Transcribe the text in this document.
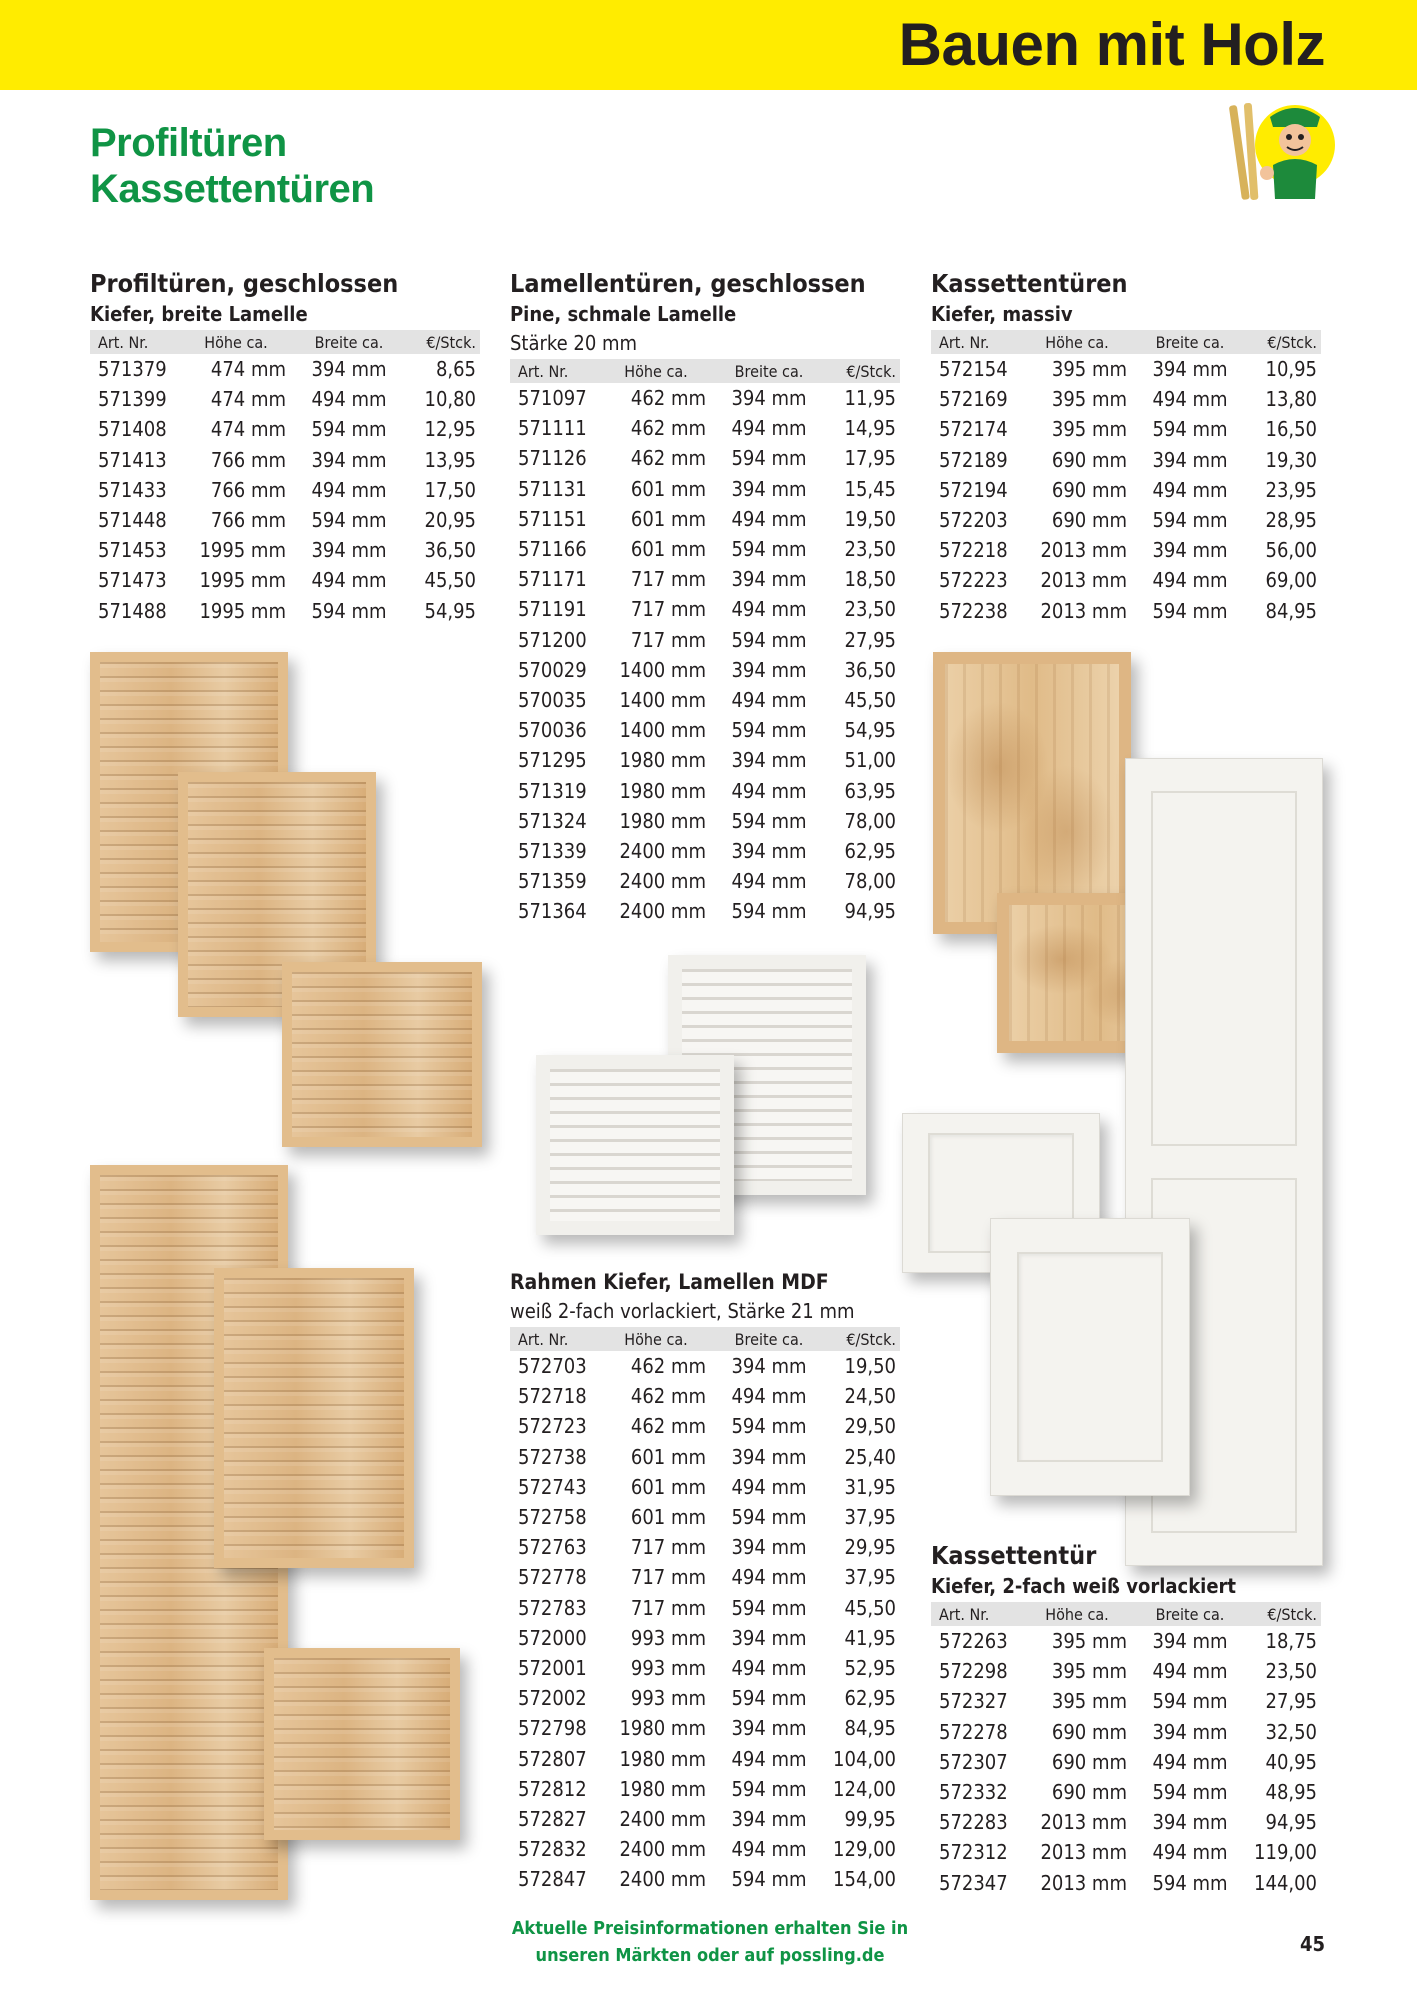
Bauen mit Holz
Profiltüren
Kassettentüren
Profiltüren, geschlossen
Kiefer, breite Lamelle
Art. Nr.	Höhe ca.	Breite ca.	€/Stck.
571379	474 mm	394 mm	8,65
571399	474 mm	494 mm	10,80
571408	474 mm	594 mm	12,95
571413	766 mm	394 mm	13,95
571433	766 mm	494 mm	17,50
571448	766 mm	594 mm	20,95
571453	1995 mm	394 mm	36,50
571473	1995 mm	494 mm	45,50
571488	1995 mm	594 mm	54,95
Lamellentüren, geschlossen
Pine, schmale Lamelle
Stärke 20 mm
Art. Nr.	Höhe ca.	Breite ca.	€/Stck.
571097	462 mm	394 mm	11,95
571111	462 mm	494 mm	14,95
571126	462 mm	594 mm	17,95
571131	601 mm	394 mm	15,45
571151	601 mm	494 mm	19,50
571166	601 mm	594 mm	23,50
571171	717 mm	394 mm	18,50
571191	717 mm	494 mm	23,50
571200	717 mm	594 mm	27,95
570029	1400 mm	394 mm	36,50
570035	1400 mm	494 mm	45,50
570036	1400 mm	594 mm	54,95
571295	1980 mm	394 mm	51,00
571319	1980 mm	494 mm	63,95
571324	1980 mm	594 mm	78,00
571339	2400 mm	394 mm	62,95
571359	2400 mm	494 mm	78,00
571364	2400 mm	594 mm	94,95
Kassettentüren
Kiefer, massiv
Art. Nr.	Höhe ca.	Breite ca.	€/Stck.
572154	395 mm	394 mm	10,95
572169	395 mm	494 mm	13,80
572174	395 mm	594 mm	16,50
572189	690 mm	394 mm	19,30
572194	690 mm	494 mm	23,95
572203	690 mm	594 mm	28,95
572218	2013 mm	394 mm	56,00
572223	2013 mm	494 mm	69,00
572238	2013 mm	594 mm	84,95
Rahmen Kiefer, Lamellen MDF
weiß 2-fach vorlackiert, Stärke 21 mm
Art. Nr.	Höhe ca.	Breite ca.	€/Stck.
572703	462 mm	394 mm	19,50
572718	462 mm	494 mm	24,50
572723	462 mm	594 mm	29,50
572738	601 mm	394 mm	25,40
572743	601 mm	494 mm	31,95
572758	601 mm	594 mm	37,95
572763	717 mm	394 mm	29,95
572778	717 mm	494 mm	37,95
572783	717 mm	594 mm	45,50
572000	993 mm	394 mm	41,95
572001	993 mm	494 mm	52,95
572002	993 mm	594 mm	62,95
572798	1980 mm	394 mm	84,95
572807	1980 mm	494 mm	104,00
572812	1980 mm	594 mm	124,00
572827	2400 mm	394 mm	99,95
572832	2400 mm	494 mm	129,00
572847	2400 mm	594 mm	154,00
Kassettentür
Kiefer, 2-fach weiß vorlackiert
Art. Nr.	Höhe ca.	Breite ca.	€/Stck.
572263	395 mm	394 mm	18,75
572298	395 mm	494 mm	23,50
572327	395 mm	594 mm	27,95
572278	690 mm	394 mm	32,50
572307	690 mm	494 mm	40,95
572332	690 mm	594 mm	48,95
572283	2013 mm	394 mm	94,95
572312	2013 mm	494 mm	119,00
572347	2013 mm	594 mm	144,00
Aktuelle Preisinformationen erhalten Sie in
unseren Märkten oder auf possling.de	45
